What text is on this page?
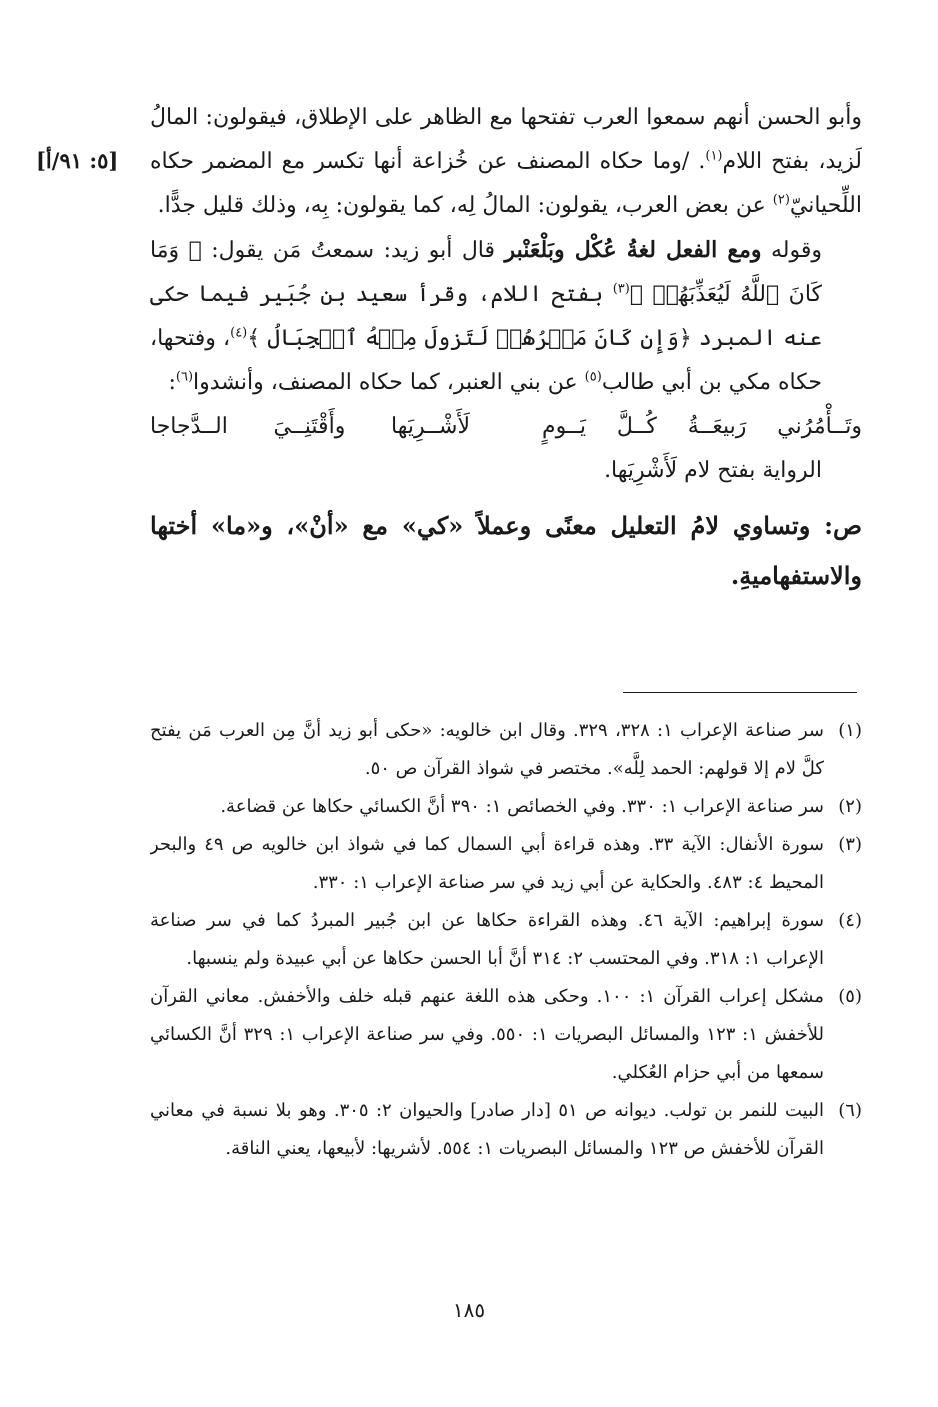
[٥: ٩١/أ]

وأبو الحسن أنهم سمعوا العرب تفتحها مع الظاهر على الإطلاق، فيقولون: المالُ لَزيد، بفتح اللام$^{(١)}$. /وما حكاه المصنف عن خُزاعة أنها تكسر مع المضمر حكاه اللِّحيانيّ$^{(٢)}$ عن بعض العرب، يقولون: المالُ لِه، كما يقولون: بِه، وذلك قليل جدًّا.

وقوله ومع الفعل لغةُ عُكْل وبَلْعَنْبر قال أبو زيد: سمعتُ مَن يقول: ﴿ وَمَا كَانَ ٱللَّهُ لَيُعَذِّبَهُمۡ ﴾$^{(٣)}$ بفتح اللام، وقرأ سعيد بن جُبَير فيما حكى عنه المبرد ﴿وَإِن كَانَ مَكۡرُهُمۡ لَتَزولَ مِنۡهُ ٱلۡجِبَالُ ﴾$^{(٤)}$، وفتحها، حكاه مكي بن أبي طالب$^{(٥)}$ عن بني العنبر، كما حكاه المصنف، وأنشدوا$^{(٦)}$:

وتَــأْمُرُني رَبيعَــةُ كُــلَّ يَــومٍ
لَأَشْــرِيَها وأَقْتَنِــيَ الــدَّجاجا

الرواية بفتح لام لَأَشْرِيَها.

ص: وتساوي لامُ التعليل معنًى وعملاً «كي» مع «أنْ»، و«ما» أختها والاستفهاميةِ.

(١)
سر صناعة الإعراب ١: ٣٢٨، ٣٢٩. وقال ابن خالويه: «حكى أبو زيد أنَّ مِن العرب مَن يفتح كلَّ لام إلا قولهم: الحمد لِلَّه». مختصر في شواذ القرآن ص ٥٠.
(٢)
سر صناعة الإعراب ١: ٣٣٠. وفي الخصائص ١: ٣٩٠ أنَّ الكسائي حكاها عن قضاعة.
(٣)
سورة الأنفال: الآية ٣٣. وهذه قراءة أبي السمال كما في شواذ ابن خالويه ص ٤٩ والبحر المحيط ٤: ٤٨٣. والحكاية عن أبي زيد في سر صناعة الإعراب ١: ٣٣٠.
(٤)
سورة إبراهيم: الآية ٤٦. وهذه القراءة حكاها عن ابن جُبير المبردُ كما في سر صناعة الإعراب ١: ٣١٨. وفي المحتسب ٢: ٣١٤ أنَّ أبا الحسن حكاها عن أبي عبيدة ولم ينسبها.
(٥)
مشكل إعراب القرآن ١: ١٠٠. وحكى هذه اللغة عنهم قبله خلف والأخفش. معاني القرآن للأخفش ١: ١٢٣ والمسائل البصريات ١: ٥٥٠. وفي سر صناعة الإعراب ١: ٣٢٩ أنَّ الكسائي سمعها من أبي حزام العُكلي.
(٦)
البيت للنمر بن تولب. ديوانه ص ٥١ [دار صادر] والحيوان ٢: ٣٠٥. وهو بلا نسبة في معاني القرآن للأخفش ص ١٢٣ والمسائل البصريات ١: ٥٥٤. لأشريها: لأبيعها، يعني الناقة.
١٨٥
